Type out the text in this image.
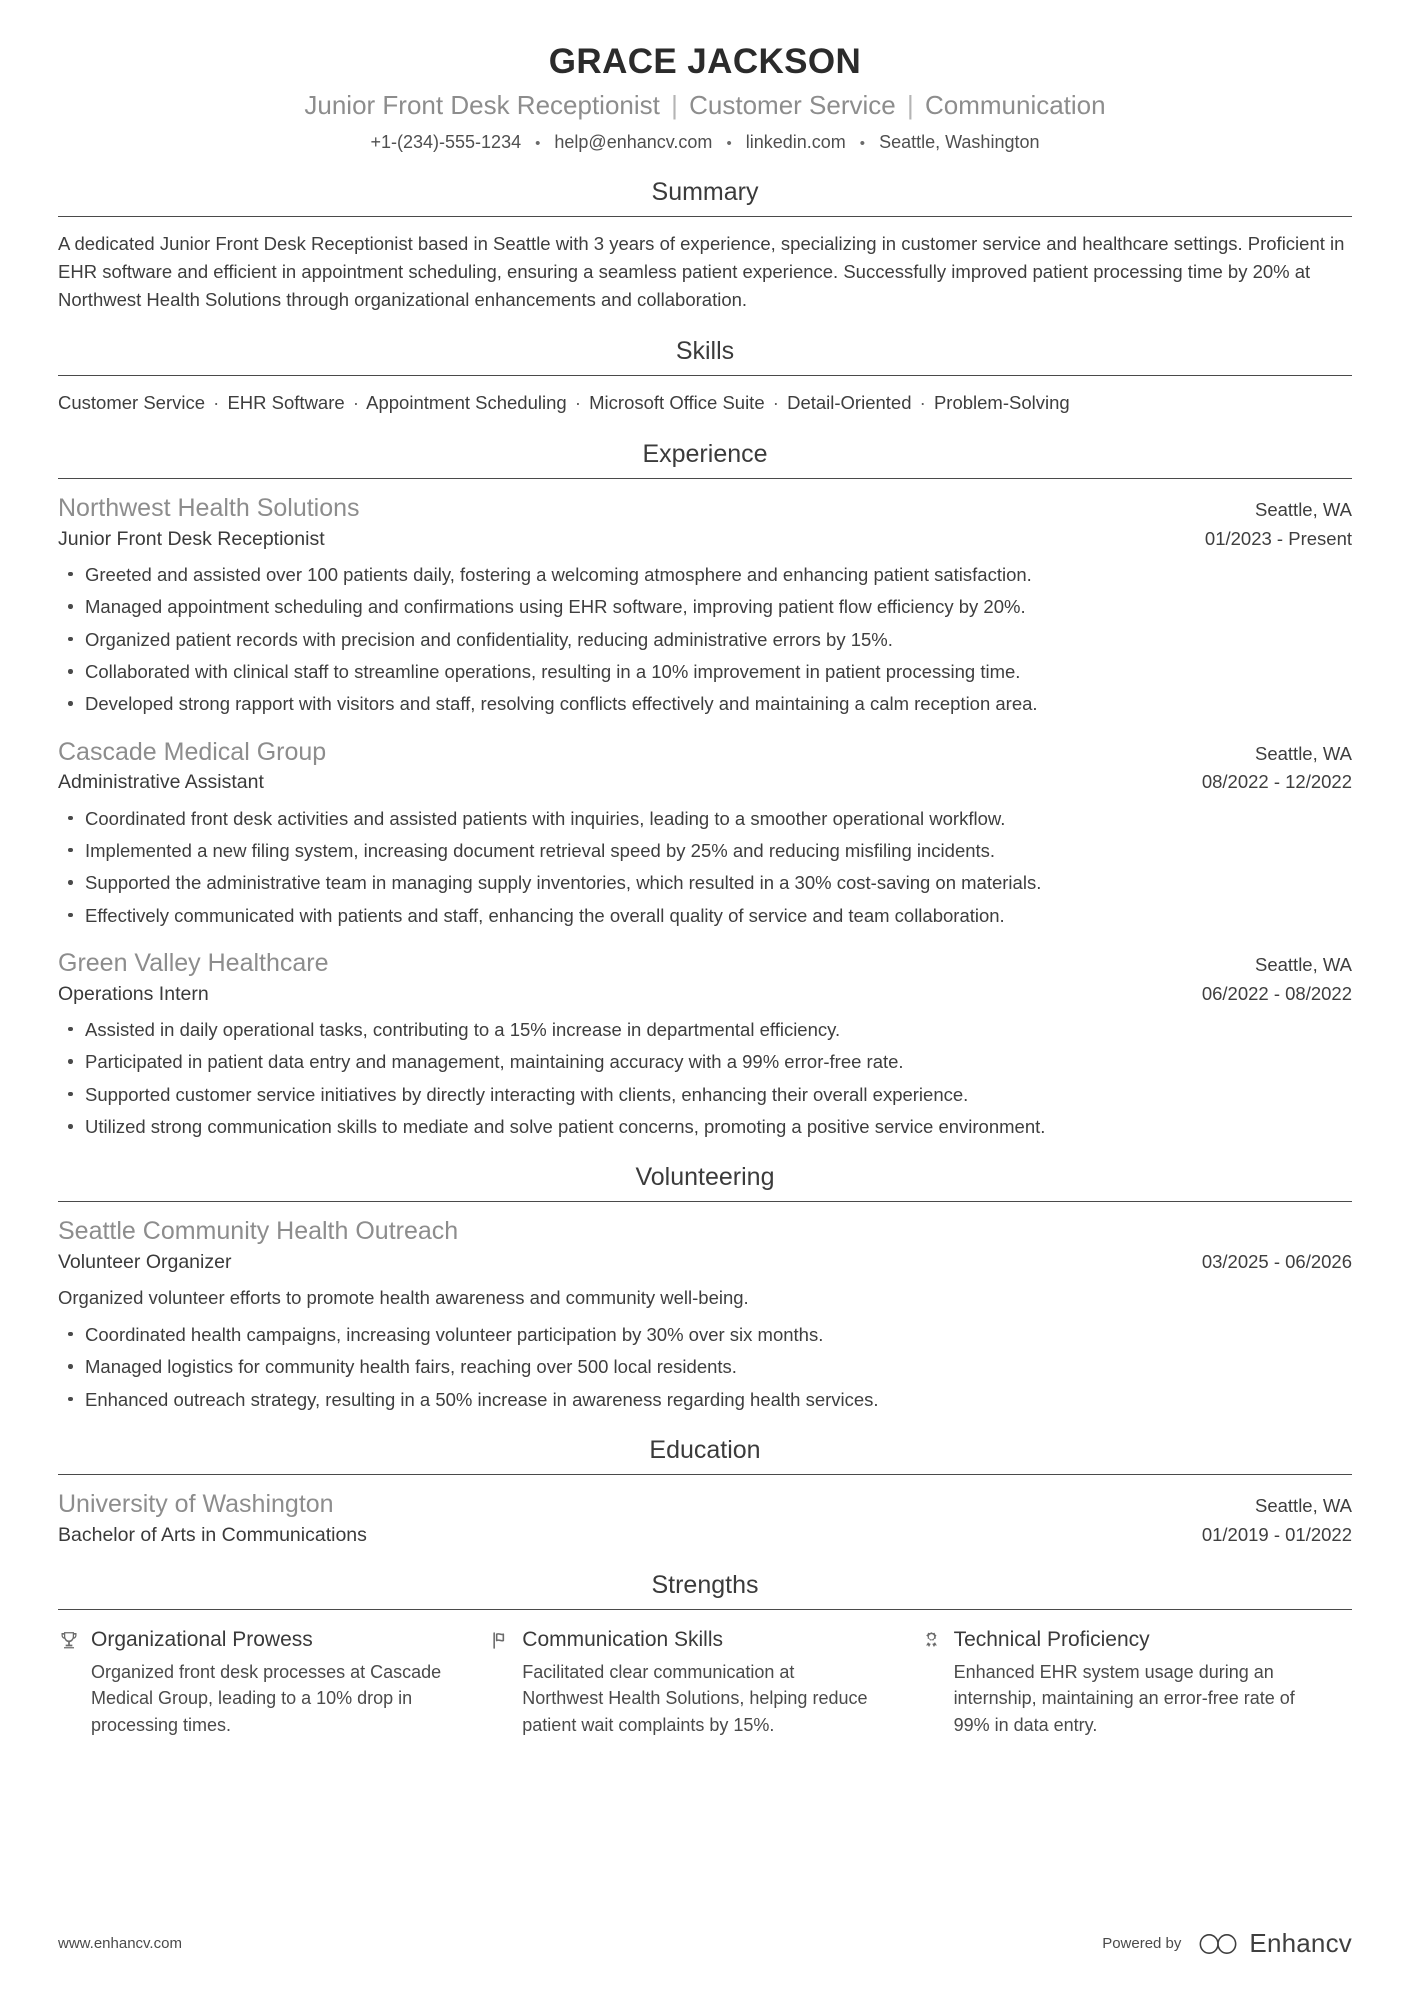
GRACE JACKSON
Junior Front Desk Receptionist | Customer Service | Communication
+1-(234)-555-1234 • help@enhancv.com • linkedin.com • Seattle, Washington
Summary
A dedicated Junior Front Desk Receptionist based in Seattle with 3 years of experience, specializing in customer service and healthcare settings. Proficient in EHR software and efficient in appointment scheduling, ensuring a seamless patient experience. Successfully improved patient processing time by 20% at Northwest Health Solutions through organizational enhancements and collaboration.
Skills
Customer Service · EHR Software · Appointment Scheduling · Microsoft Office Suite · Detail-Oriented · Problem-Solving
Experience
Northwest Health Solutions	Seattle, WA
Junior Front Desk Receptionist	01/2023 - Present
Greeted and assisted over 100 patients daily, fostering a welcoming atmosphere and enhancing patient satisfaction.
Managed appointment scheduling and confirmations using EHR software, improving patient flow efficiency by 20%.
Organized patient records with precision and confidentiality, reducing administrative errors by 15%.
Collaborated with clinical staff to streamline operations, resulting in a 10% improvement in patient processing time.
Developed strong rapport with visitors and staff, resolving conflicts effectively and maintaining a calm reception area.
Cascade Medical Group	Seattle, WA
Administrative Assistant	08/2022 - 12/2022
Coordinated front desk activities and assisted patients with inquiries, leading to a smoother operational workflow.
Implemented a new filing system, increasing document retrieval speed by 25% and reducing misfiling incidents.
Supported the administrative team in managing supply inventories, which resulted in a 30% cost-saving on materials.
Effectively communicated with patients and staff, enhancing the overall quality of service and team collaboration.
Green Valley Healthcare	Seattle, WA
Operations Intern	06/2022 - 08/2022
Assisted in daily operational tasks, contributing to a 15% increase in departmental efficiency.
Participated in patient data entry and management, maintaining accuracy with a 99% error-free rate.
Supported customer service initiatives by directly interacting with clients, enhancing their overall experience.
Utilized strong communication skills to mediate and solve patient concerns, promoting a positive service environment.
Volunteering
Seattle Community Health Outreach
Volunteer Organizer	03/2025 - 06/2026
Organized volunteer efforts to promote health awareness and community well-being.
Coordinated health campaigns, increasing volunteer participation by 30% over six months.
Managed logistics for community health fairs, reaching over 500 local residents.
Enhanced outreach strategy, resulting in a 50% increase in awareness regarding health services.
Education
University of Washington	Seattle, WA
Bachelor of Arts in Communications	01/2019 - 01/2022
Strengths
Organizational Prowess
Organized front desk processes at Cascade Medical Group, leading to a 10% drop in processing times.
Communication Skills
Facilitated clear communication at Northwest Health Solutions, helping reduce patient wait complaints by 15%.
Technical Proficiency
Enhanced EHR system usage during an internship, maintaining an error-free rate of 99% in data entry.
www.enhancv.com	Powered by	Enhancv
